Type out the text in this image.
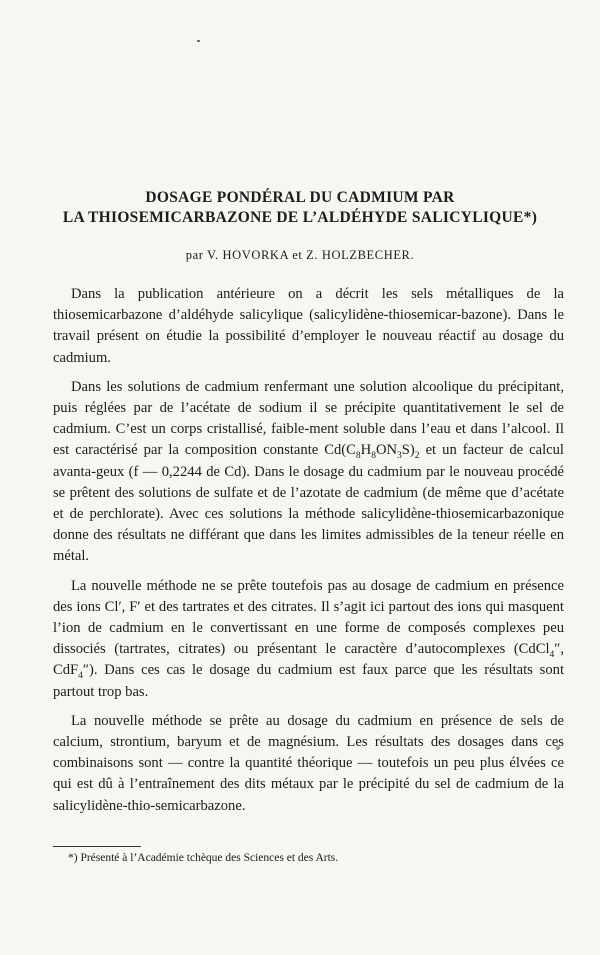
DOSAGE PONDÉRAL DU CADMIUM PAR
LA THIOSEMICARBAZONE DE L’ALDÉHYDE SALICYLIQUE*)

par V. HOVORKA et Z. HOLZBECHER.

Dans la publication antérieure on a décrit les sels métalliques de la thiosemicarbazone d’aldéhyde salicylique (salicylidène-thiosemicar-bazone). Dans le travail présent on étudie la possibilité d’employer le nouveau réactif au dosage du cadmium.

Dans les solutions de cadmium renfermant une solution alcoolique du précipitant, puis réglées par de l’acétate de sodium il se précipite quantitativement le sel de cadmium. C’est un corps cristallisé, faible-ment soluble dans l’eau et dans l’alcool. Il est caractérisé par la composition constante $Cd(C_8H_8ON_3S)_2$ et un facteur de calcul avanta-geux (f — 0,2244 de Cd). Dans le dosage du cadmium par le nouveau procédé se prêtent des solutions de sulfate et de l’azotate de cadmium (de même que d’acétate et de perchlorate). Avec ces solutions la méthode salicylidène-thiosemicarbazonique donne des résultats ne différant que dans les limites admissibles de la teneur réelle en métal.

La nouvelle méthode ne se prête toutefois pas au dosage de cadmium en présence des ions Cl′, F′ et des tartrates et des citrates. Il s’agit ici partout des ions qui masquent l’ion de cadmium en le convertissant en une forme de composés complexes peu dissociés (tartrates, citrates) ou présentant le caractère d’autocomplexes (CdCl$_4$″, CdF$_4$″). Dans ces cas le dosage du cadmium est faux parce que les résultats sont partout trop bas.

La nouvelle méthode se prête au dosage du cadmium en présence de sels de calcium, strontium, baryum et de magnésium. Les résultats des dosages dans ces combinaisons sont — contre la quantité théorique — toutefois un peu plus élvées ce qui est dû à l’entraînement des dits métaux par le précipité du sel de cadmium de la salicylidène-thio-semicarbazone.

*) Présenté à l’Académie tchèque des Sciences et des Arts.
